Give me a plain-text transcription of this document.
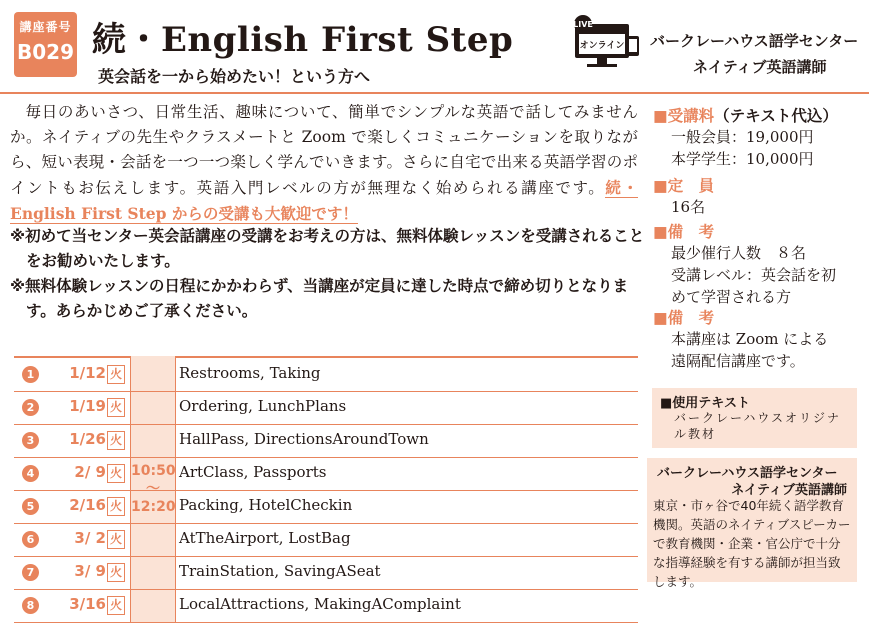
講座番号
B029 続・English First Step
英会話を一から始めたい！という方へ
LIVE
オンライン バークレーハウス語学センター
ネイティブ英語講師
毎日のあいさつ、日常生活、趣味について、簡単でシンプルな英語で話してみませんか。ネイティブの先生やクラスメートと Zoom で楽しくコミュニケーションを取りながら、短い表現・会話を一つ一つ楽しく学んでいきます。さらに自宅で出来る英語学習のポイントもお伝えします。英語入門レベルの方が無理なく始められる講座です。続・English First Step からの受講も大歓迎です！
※初めて当センター英会話講座の受講をお考えの方は、無料体験レッスンを受講されることをお勧めいたします。
※無料体験レッスンの日程にかかわらず、当講座が定員に達した時点で締め切りとなります。あらかじめご了承ください。
■受講料（テキスト代込）
一般会員：19,000円
本学学生：10,000円
■定　員
16名
■備　考
最少催行人数　８名
受講レベル：英会話を初
めて学習される方
■備　考
本講座は Zoom による
遠隔配信講座です。
■使用テキスト
バークレーハウスオリジナル教材
バークレーハウス語学センター
ネイティブ英語講師
東京・市ヶ谷で40年続く語学教育機関。英語のネイティブスピーカーで教育機関・企業・官公庁で十分な指導経験を有する講師が担当致します。
10:50
〜
12:20
1	1/12 火	Restrooms, Taking
2	1/19 火	Ordering, LunchPlans
3	1/26 火	HallPass, DirectionsAroundTown
4	2/ 9 火	ArtClass, Passports
5	2/16 火	Packing, HotelCheckin
6	3/ 2 火	AtTheAirport, LostBag
7	3/ 9 火	TrainStation, SavingASeat
8	3/16 火	LocalAttractions, MakingAComplaint
